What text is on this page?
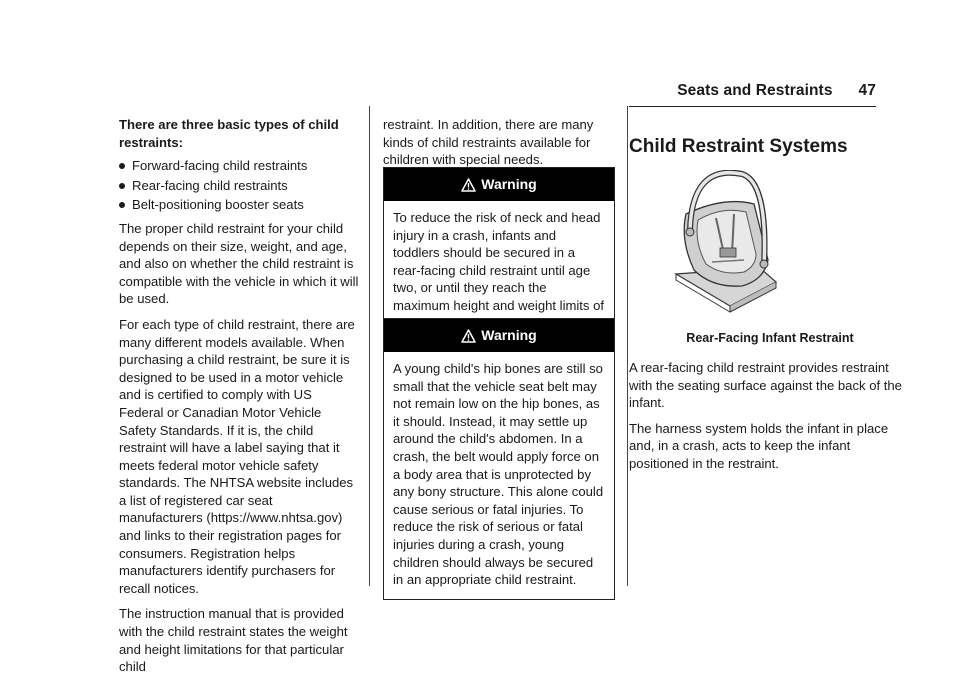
Seats and Restraints 47

There are three basic types of child restraints:

Forward-facing child restraints
Rear-facing child restraints
Belt-positioning booster seats

The proper child restraint for your child depends on their size, weight, and age, and also on whether the child restraint is compatible with the vehicle in which it will be used.

For each type of child restraint, there are many different models available. When purchasing a child restraint, be sure it is designed to be used in a motor vehicle and is certified to comply with US Federal or Canadian Motor Vehicle Safety Standards. If it is, the child restraint will have a label saying that it meets federal motor vehicle safety standards. The NHTSA website includes a list of registered car seat manufacturers (https://www.nhtsa.gov) and links to their registration pages for consumers. Registration helps manufacturers identify purchasers for recall notices.

The instruction manual that is provided with the child restraint states the weight and height limitations for that particular child

restraint. In addition, there are many kinds of child restraints available for children with special needs.

Warning
To reduce the risk of neck and head injury in a crash, infants and toddlers should be secured in a rear-facing child restraint until age two, or until they reach the maximum height and weight limits of
Warning
A young child's hip bones are still so small that the vehicle seat belt may not remain low on the hip bones, as it should. Instead, it may settle up around the child's abdomen. In a crash, the belt would apply force on a body area that is unprotected by any bony structure. This alone could cause serious or fatal injuries. To reduce the risk of serious or fatal injuries during a crash, young children should always be secured in an appropriate child restraint.
Child Restraint Systems
Rear-Facing Infant Restraint

A rear-facing child restraint provides restraint with the seating surface against the back of the infant.

The harness system holds the infant in place and, in a crash, acts to keep the infant positioned in the restraint.
